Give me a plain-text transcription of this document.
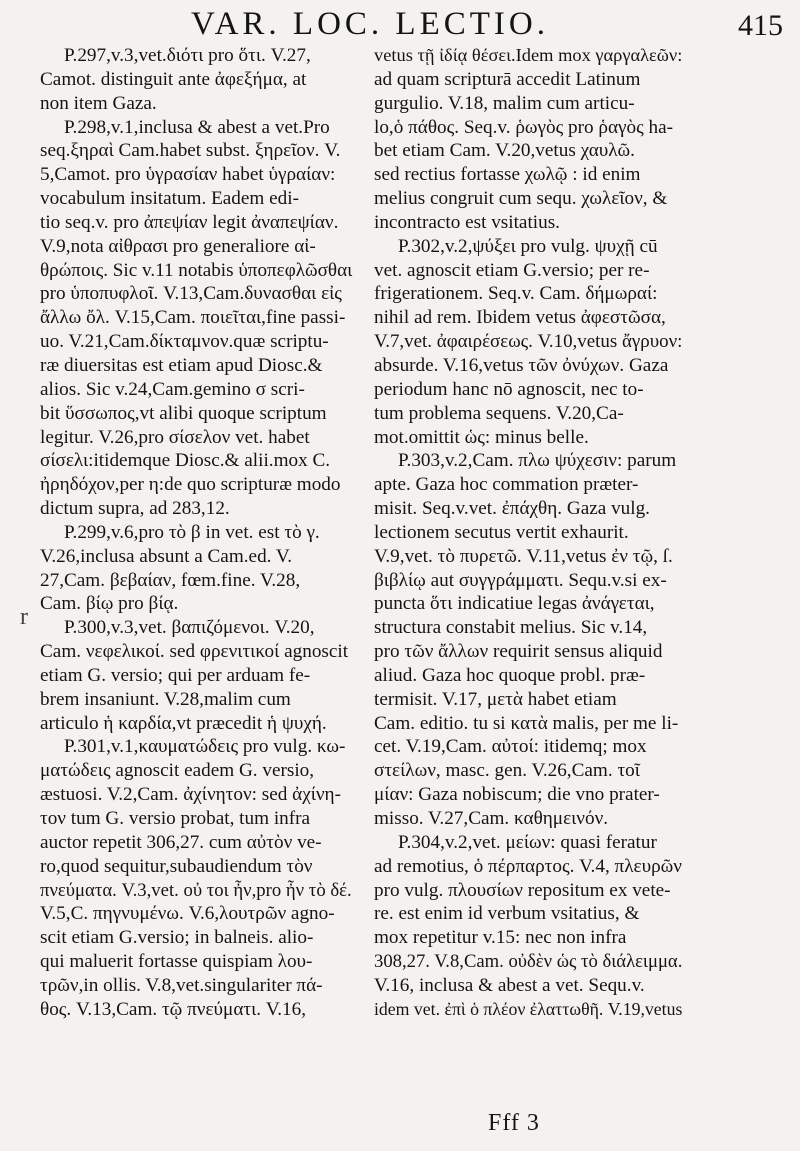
VAR. LOC. LECTIO.	415
P.297,v.3,vet.διότι pro ὅτι. V.27,
Camot. distinguit ante ἀφεξήμα, at
non item Gaza.
P.298,v.1,inclusa & abest a vet.Pro
seq.ξηραὶ Cam.habet subst. ξηρεῖον. V.
5,Camot. pro ὑγρασίαν habet ὑγραίαν:
vocabulum insitatum. Eadem edi-
tio seq.v. pro ἀπεψίαν legit ἀναπεψίαν.
V.9,nota αἰθρασι pro generaliore αἰ-
θρώποις. Sic v.11 notabis ὑποπεφλῶσθαι
pro ὑποπυφλοῖ. V.13,Cam.δυνασθαι εἰς
ἄλλω ὄλ. V.15,Cam. ποιεῖται,fine passi-
uo. V.21,Cam.δίκταμνον.quæ scriptu-
ræ diuersitas est etiam apud Diosc.&
alios. Sic v.24,Cam.gemino σ scri-
bit ὕσσωπος,vt alibi quoque scriptum
legitur. V.26,pro σίσελον vet. habet
σίσελι:itidemque Diosc.& alii.mox C.
ἠρηδόχον,per η:de quo scripturæ modo
dictum supra, ad 283,12.
P.299,v.6,pro τὸ β in vet. est τὸ γ.
V.26,inclusa absunt a Cam.ed. V.
27,Cam. βεβαίαν, fœm.fine. V.28,
Cam. βίῳ pro βίᾳ.
P.300,v.3,vet. βαπιζόμενοι. V.20,
Cam. νεφελικοί. sed φρενιτικοί agnoscit
etiam G. versio; qui per arduam fe-
brem insaniunt. V.28,malim cum
articulo ἡ καρδία,vt præcedit ἡ ψυχή.
P.301,v.1,καυματώδεις pro vulg. κω-
ματώδεις agnoscit eadem G. versio,
æstuosi. V.2,Cam. ἀχίνητον: sed ἀχίνη-
τον tum G. versio probat, tum infra
auctor repetit 306,27. cum αὐτὸν ve-
ro,quod sequitur,subaudiendum τὸν
πνεύματα. V.3,vet. οὐ τοι ἦν,pro ἦν τὸ δέ.
V.5,C. πηγνυμένω. V.6,λουτρῶν agno-
scit etiam G.versio; in balneis. alio-
qui maluerit fortasse quispiam λου-
τρῶν,in ollis. V.8,vet.singulariter πά-
θος. V.13,Cam. τῷ πνεύματι. V.16,
vetus τῇ ἰδίᾳ θέσει.Idem mox γαργαλεῶν:
ad quam scripturā accedit Latinum
gurgulio. V.18, malim cum articu-
lo,ὁ πάθος. Seq.v. ῥωγὸς pro ῥαγὸς ha-
bet etiam Cam. V.20,vetus χαυλῶ.
sed rectius fortasse χωλῷ : id enim
melius congruit cum sequ. χωλεῖον, &
incontracto est vsitatius.
P.302,v.2,ψύξει pro vulg. ψυχῇ cū
vet. agnoscit etiam G.versio; per re-
frigerationem. Seq.v. Cam. δήμωραί:
nihil ad rem. Ibidem vetus ἀφεστῶσα,
V.7,vet. ἀφαιρέσεως. V.10,vetus ἄγρυον:
absurde. V.16,vetus τῶν ὀνύχων. Gaza
periodum hanc nō agnoscit, nec to-
tum problema sequens. V.20,Ca-
mot.omittit ὡς: minus belle.
P.303,v.2,Cam. πλω ψύχεσιν: parum
apte. Gaza hoc commation præter-
misit. Seq.v.vet. ἐπάχθη. Gaza vulg.
lectionem secutus vertit exhaurit.
V.9,vet. τὸ πυρετῶ. V.11,vetus ἐν τῷ, ſ.
βιβλίῳ aut συγγράμματι. Sequ.v.si ex-
puncta ὅτι indicatiue legas ἀνάγεται,
structura constabit melius. Sic v.14,
pro τῶν ἄλλων requirit sensus aliquid
aliud. Gaza hoc quoque probl. præ-
termisit. V.17, μετὰ habet etiam
Cam. editio. tu si κατὰ malis, per me li-
cet. V.19,Cam. αὐτοί: itidemq; mox
στείλων, masc. gen. V.26,Cam. τοῖ
μίαν: Gaza nobiscum; die vno prater-
misso. V.27,Cam. καθημεινόν.
P.304,v.2,vet. μείων: quasi feratur
ad remotius, ὁ πέρπαρτος. V.4, πλευρῶν
pro vulg. πλουσίων repositum ex vete-
re. est enim id verbum vsitatius, &
mox repetitur v.15: nec non infra
308,27. V.8,Cam. οὐδὲν ὡς τὸ διάλειμμα.
V.16, inclusa & abest a vet. Sequ.v.
idem vet. ἐπὶ ὁ πλέον ἐλαττωθῆ. V.19,vetus
r
Fff 3
